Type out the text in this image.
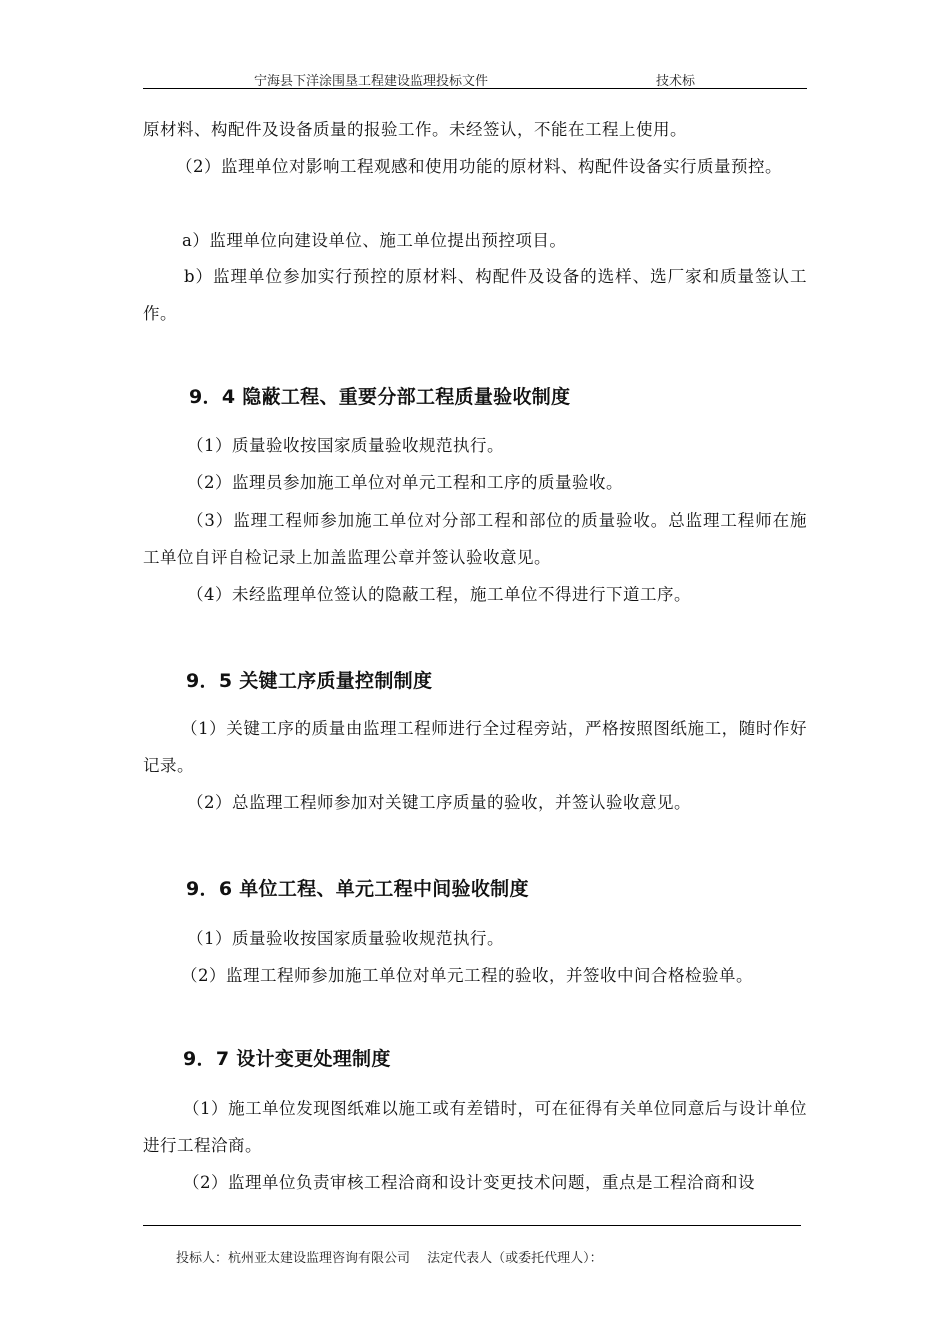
宁海县下洋涂围垦工程建设监理投标文件	技术标

原材料、构配件及设备质量的报验工作。未经签认，不能在工程上使用。

（2）监理单位对影响工程观感和使用功能的原材料、构配件设备实行质量预控。

a）监理单位向建设单位、施工单位提出预控项目。

b）监理单位参加实行预控的原材料、构配件及设备的选样、选厂家和质量签认工作。

9．4 隐蔽工程、重要分部工程质量验收制度

（1）质量验收按国家质量验收规范执行。

（2）监理员参加施工单位对单元工程和工序的质量验收。

（3）监理工程师参加施工单位对分部工程和部位的质量验收。总监理工程师在施工单位自评自检记录上加盖监理公章并签认验收意见。

（4）未经监理单位签认的隐蔽工程，施工单位不得进行下道工序。

9．5 关键工序质量控制制度

（1）关键工序的质量由监理工程师进行全过程旁站，严格按照图纸施工，随时作好记录。

（2）总监理工程师参加对关键工序质量的验收，并签认验收意见。

9．6 单位工程、单元工程中间验收制度

（1）质量验收按国家质量验收规范执行。

（2）监理工程师参加施工单位对单元工程的验收，并签收中间合格检验单。

9．7 设计变更处理制度

（1）施工单位发现图纸难以施工或有差错时，可在征得有关单位同意后与设计单位进行工程洽商。

（2）监理单位负责审核工程洽商和设计变更技术问题，重点是工程洽商和设

投标人：杭州亚太建设监理咨询有限公司　 法定代表人（或委托代理人）：
